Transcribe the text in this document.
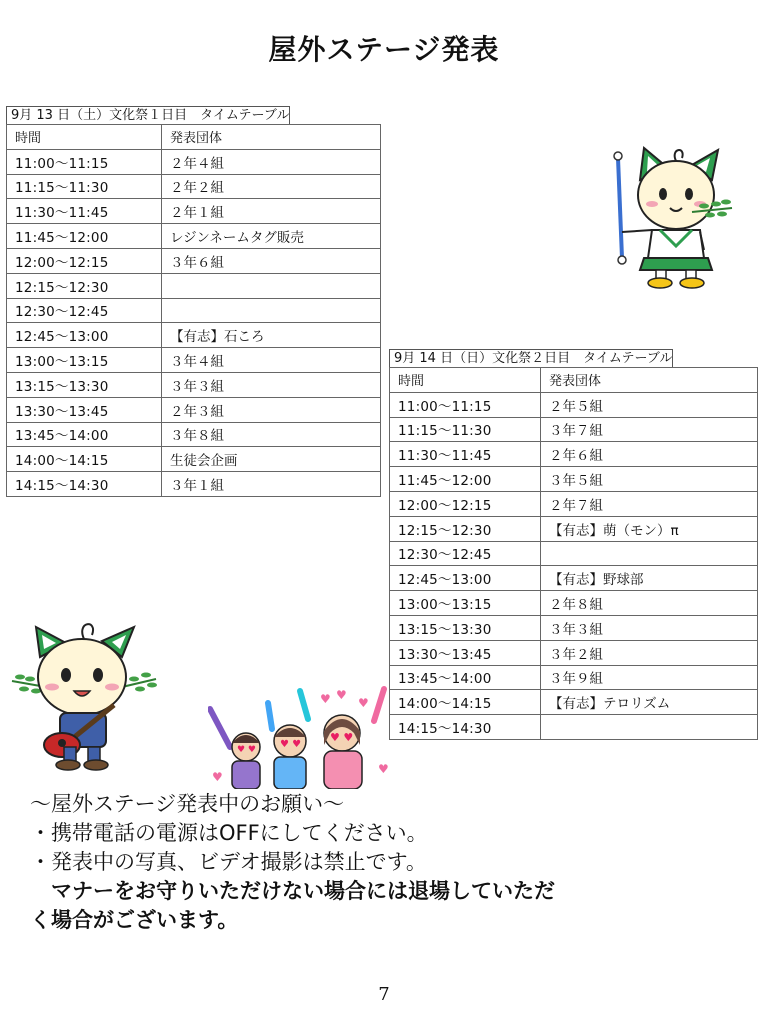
屋外ステージ発表
9月 13 日（土）文化祭１日目　タイムテーブル
時間	発表団体
11:00〜11:15	２年４組
11:15〜11:30	２年２組
11:30〜11:45	２年１組
11:45〜12:00	レジンネームタグ販売
12:00〜12:15	３年６組
12:15〜12:30	
12:30〜12:45	
12:45〜13:00	【有志】石ころ
13:00〜13:15	３年４組
13:15〜13:30	３年３組
13:30〜13:45	２年３組
13:45〜14:00	３年８組
14:00〜14:15	生徒会企画
14:15〜14:30	３年１組
9月 14 日（日）文化祭２日目　タイムテーブル
時間	発表団体
11:00〜11:15	２年５組
11:15〜11:30	３年７組
11:30〜11:45	２年６組
11:45〜12:00	３年５組
12:00〜12:15	２年７組
12:15〜12:30	【有志】萌（モン）π
12:30〜12:45	
12:45〜13:00	【有志】野球部
13:00〜13:15	２年８組
13:15〜13:30	３年３組
13:30〜13:45	３年２組
13:45〜14:00	３年９組
14:00〜14:15	【有志】テロリズム
14:15〜14:30	
♥ ♥
♥
♥
♥
♥ ♥ ♥ ♥
♥ ♥
〜屋外ステージ発表中のお願い〜
・携帯電話の電源はOFFにしてください。
・発表中の写真、ビデオ撮影は禁止です。
　マナーをお守りいただけない場合には退場していただ
く場合がございます。
7
